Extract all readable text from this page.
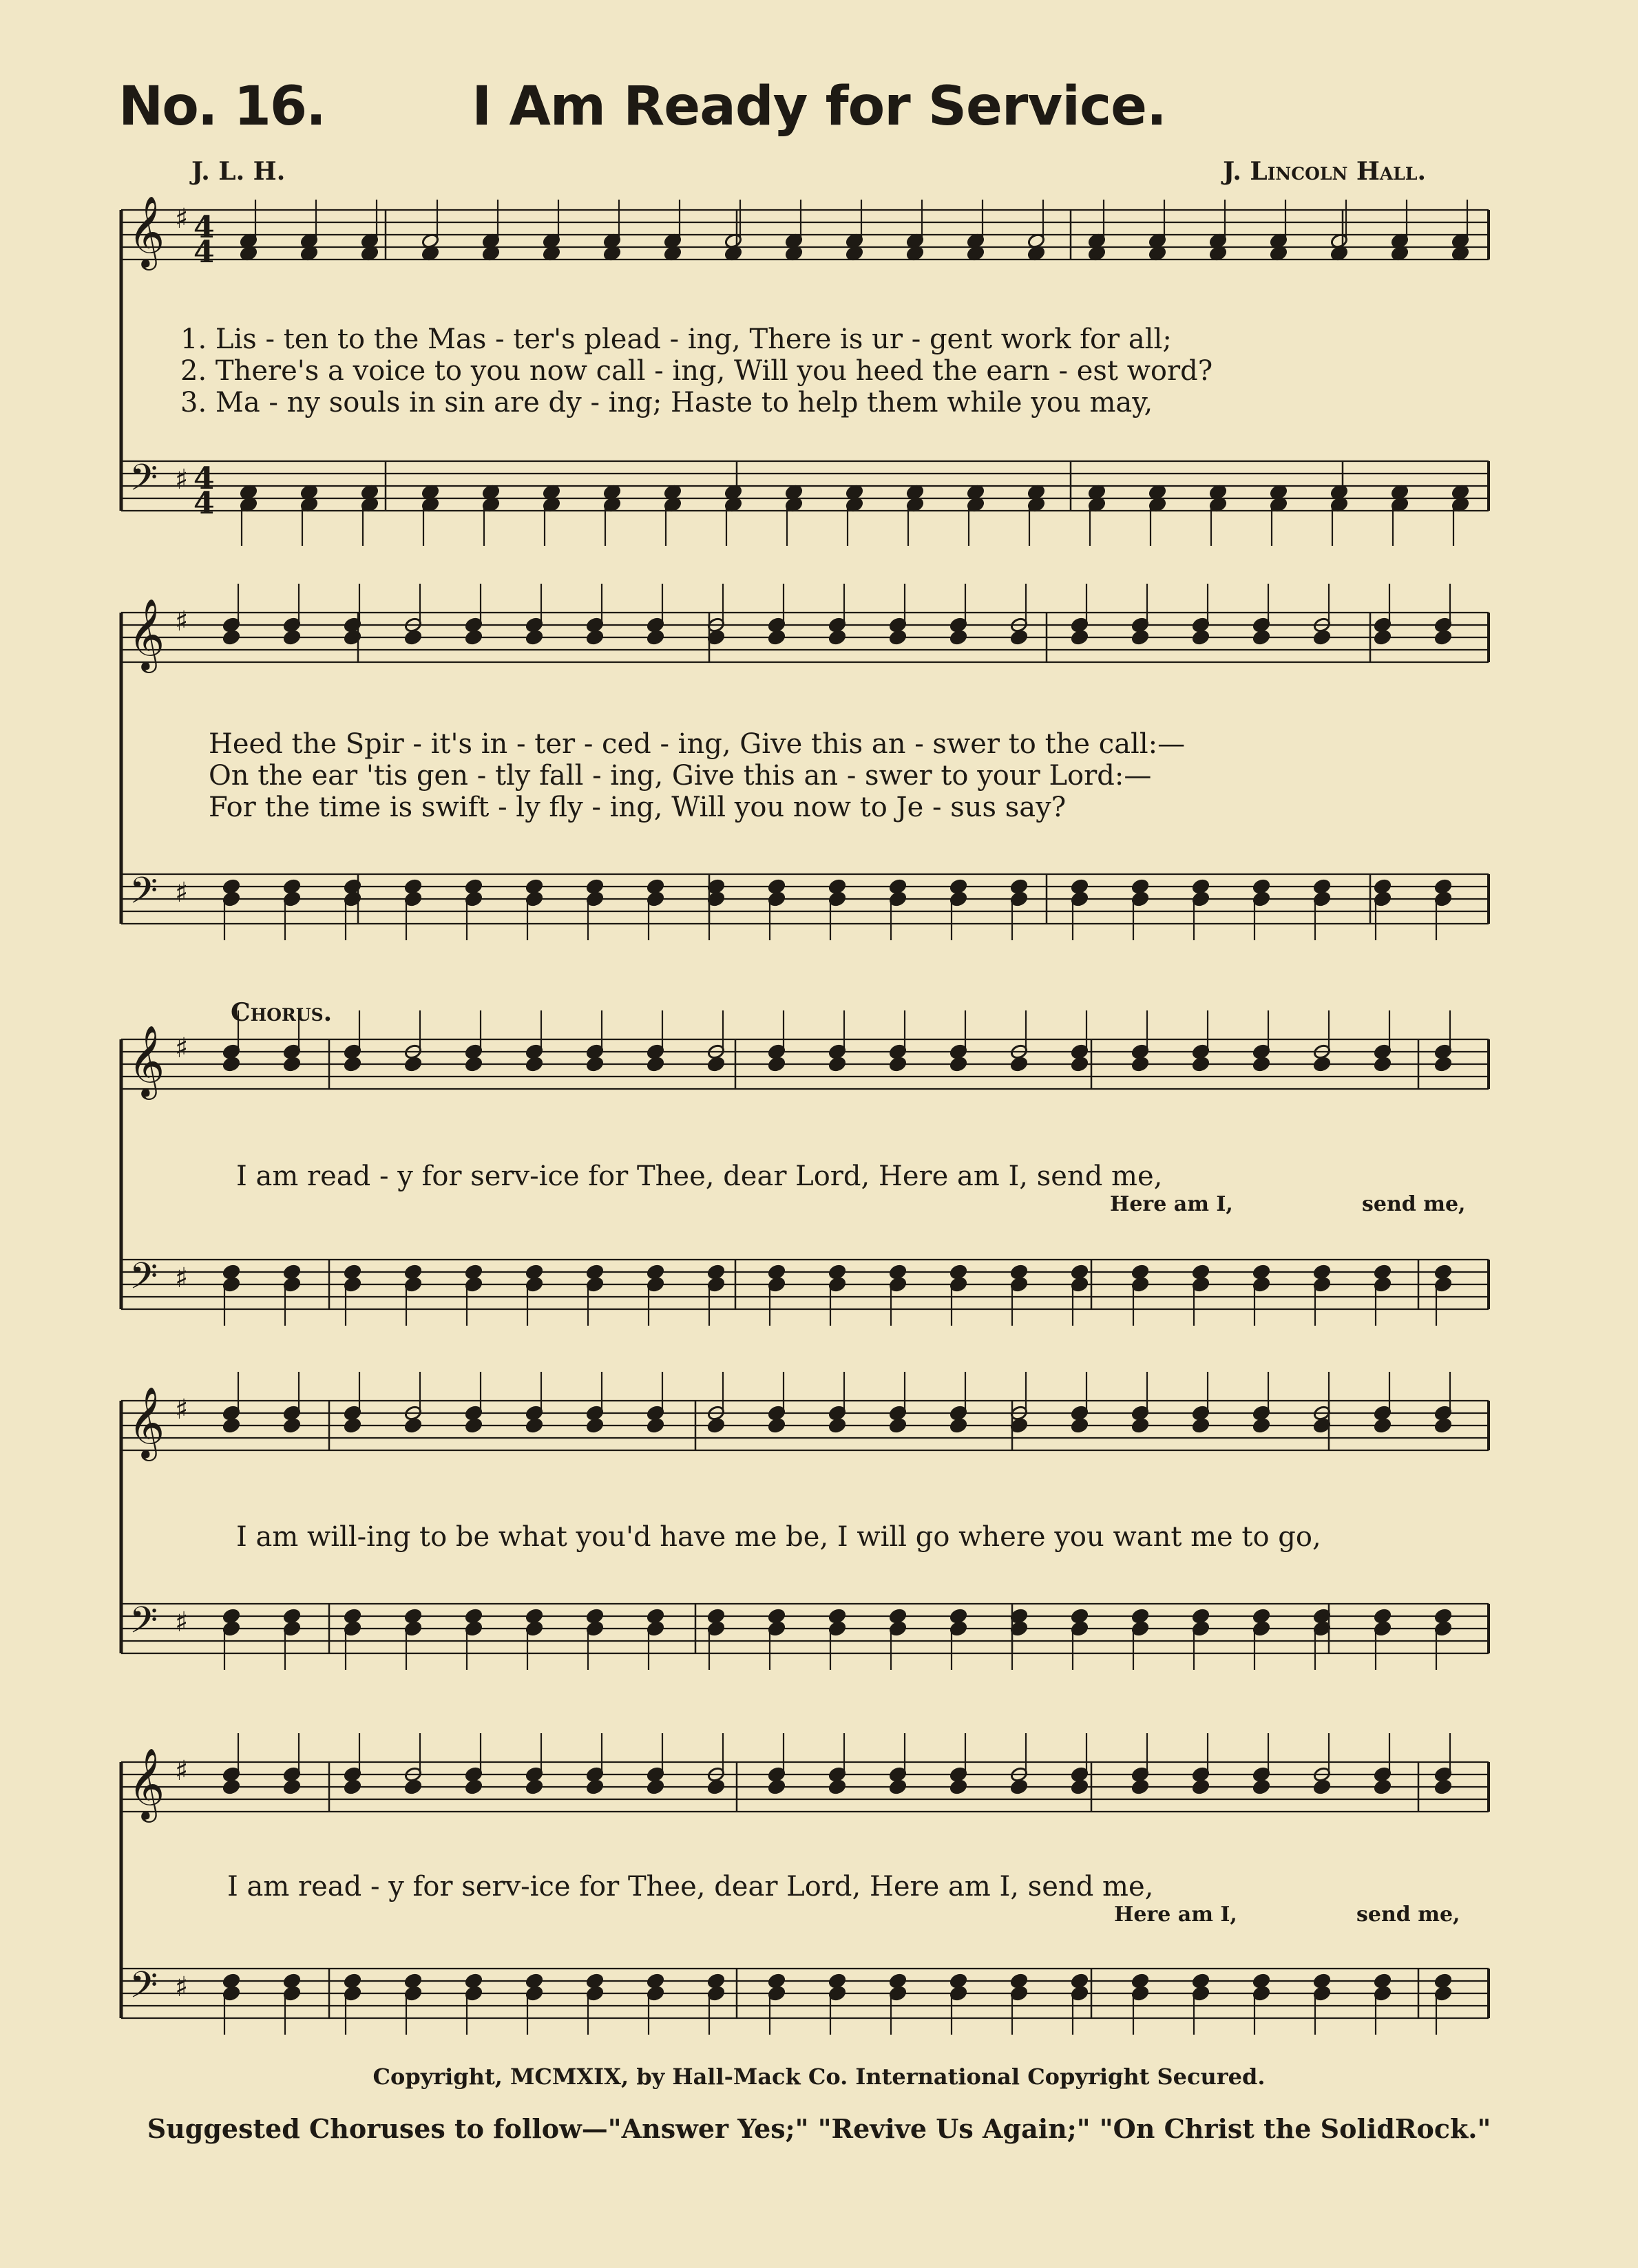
No. 16.	I Am Ready for Service.
J. L. H.	J. Lincoln Hall.
𝄞
𝄢
♯
♯
4
4
4
4
𝄞
𝄢
♯
♯
𝄞
𝄢
♯
♯
𝄞
𝄢
♯
♯
𝄞
𝄢
♯
♯
1. Lis - ten to the Mas - ter's plead - ing, There is ur - gent work for all;
2. There's a voice to you now call - ing, Will you heed the earn - est word?
3. Ma - ny souls in sin are dy - ing; Haste to help them while you may,
Heed the Spir - it's in - ter - ced - ing, Give this an - swer to the call:—
On the ear 'tis gen - tly fall - ing, Give this an - swer to your Lord:—
For the time is swift - ly fly - ing, Will you now to Je - sus say?
Chorus.
I am read - y for serv-ice for Thee, dear Lord, Here am I, send me,
Here am I,	send me,
I am will-ing to be what you'd have me be, I will go where you want me to go,
I am read - y for serv-ice for Thee, dear Lord, Here am I, send me,
Here am I,	send me,
Copyright, MCMXIX, by Hall-Mack Co. International Copyright Secured.
Suggested Choruses to follow—"Answer Yes;" "Revive Us Again;" "On Christ the SolidRock."
